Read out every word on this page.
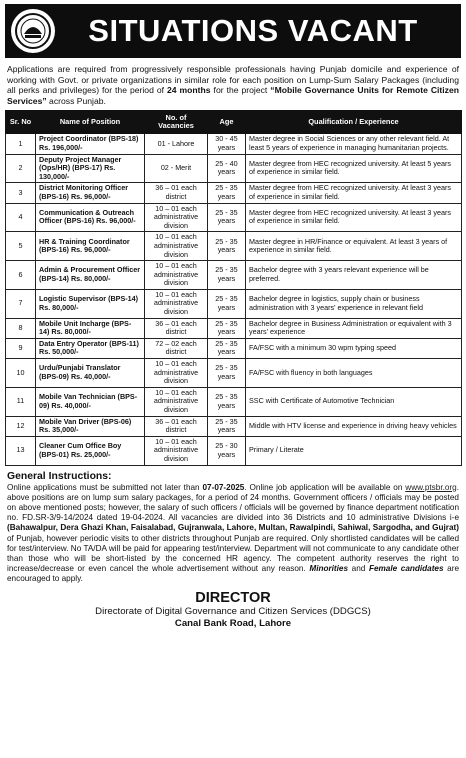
SITUATIONS VACANT

Applications are required from progressively responsible professionals having Punjab domicile and experience of working with Govt. or private organizations in similar role for each position on Lump-Sum Salary Packages (including all perks and privileges) for the period of 24 months for the project “Mobile Governance Units for Remote Citizen Services” across Punjab.

Sr. No	Name of Position	No. of Vacancies	Age	Qualification / Experience
1	Project Coordinator (BPS-18) Rs. 196,000/-	01 - Lahore	30 - 45 years	Master degree in Social Sciences or any other relevant field. At least 5 years of experience in managing humanitarian projects.
2	Deputy Project Manager (Ops/HR) (BPS-17) Rs. 130,000/-	02 - Merit	25 - 40 years	Master degree from HEC recognized university. At least 5 years of experience in similar field.
3	District Monitoring Officer (BPS-16) Rs. 96,000/-	36 – 01 each district	25 - 35 years	Master degree from HEC recognized university. At least 3 years of experience in similar field.
4	Communication & Outreach Officer (BPS-16) Rs. 96,000/-	10 – 01 each administrative division	25 - 35 years	Master degree from HEC recognized university. At least 3 years of experience in similar field.
5	HR & Training Coordinator (BPS-16) Rs. 96,000/-	10 – 01 each administrative division	25 - 35 years	Master degree in HR/Finance or equivalent. At least 3 years of experience in similar field.
6	Admin & Procurement Officer (BPS-14) Rs. 80,000/-	10 – 01 each administrative division	25 - 35 years	Bachelor degree with 3 years relevant experience will be preferred.
7	Logistic Supervisor (BPS-14) Rs. 80,000/-	10 – 01 each administrative division	25 - 35 years	Bachelor degree in logistics, supply chain or business administration with 3 years' experience in relevant field
8	Mobile Unit Incharge (BPS-14) Rs. 80,000/-	36 – 01 each district	25 - 35 years	Bachelor degree in Business Administration or equivalent with 3 years' experience
9	Data Entry Operator (BPS-11) Rs. 50,000/-	72 – 02 each district	25 - 35 years	FA/FSC with a minimum 30 wpm typing speed
10	Urdu/Punjabi Translator (BPS-09) Rs. 40,000/-	10 – 01 each administrative division	25 - 35 years	FA/FSC with fluency in both languages
11	Mobile Van Technician (BPS-09) Rs. 40,000/-	10 – 01 each administrative division	25 - 35 years	SSC with Certificate of Automotive Technician
12	Mobile Van Driver (BPS-06) Rs. 35,000/-	36 – 01 each district	25 - 35 years	Middle with HTV license and experience in driving heavy vehicles
13	Cleaner Cum Office Boy (BPS-01) Rs. 25,000/-	10 – 01 each administrative division	25 - 30 years	Primary / Literate
General Instructions:

Online applications must be submitted not later than 07-07-2025. Online job application will be available on www.ptsbr.org. above positions are on lump sum salary packages, for a period of 24 months. Government officers / officials may be posted on above mentioned posts; however, the salary of such officers / officials will be governed by finance department notification no. FD.SR-3/9-14/2024 dated 19-04-2024. All vacancies are divided into 36 Districts and 10 administrative Divisions i-e (Bahawalpur, Dera Ghazi Khan, Faisalabad, Gujranwala, Lahore, Multan, Rawalpindi, Sahiwal, Sargodha, and Gujrat) of Punjab, however periodic visits to other districts throughout Punjab are required. Only shortlisted candidates will be called for test/interview. No TA/DA will be paid for appearing test/interview. Department will not communicate to any candidate other than those who will be short-listed by the concerned HR agency. The competent authority reserves the right to increase/decrease or even cancel the whole advertisement without any reason. Minorities and Female candidates are encouraged to apply.

DIRECTOR
Directorate of Digital Governance and Citizen Services (DDGCS)
Canal Bank Road, Lahore
